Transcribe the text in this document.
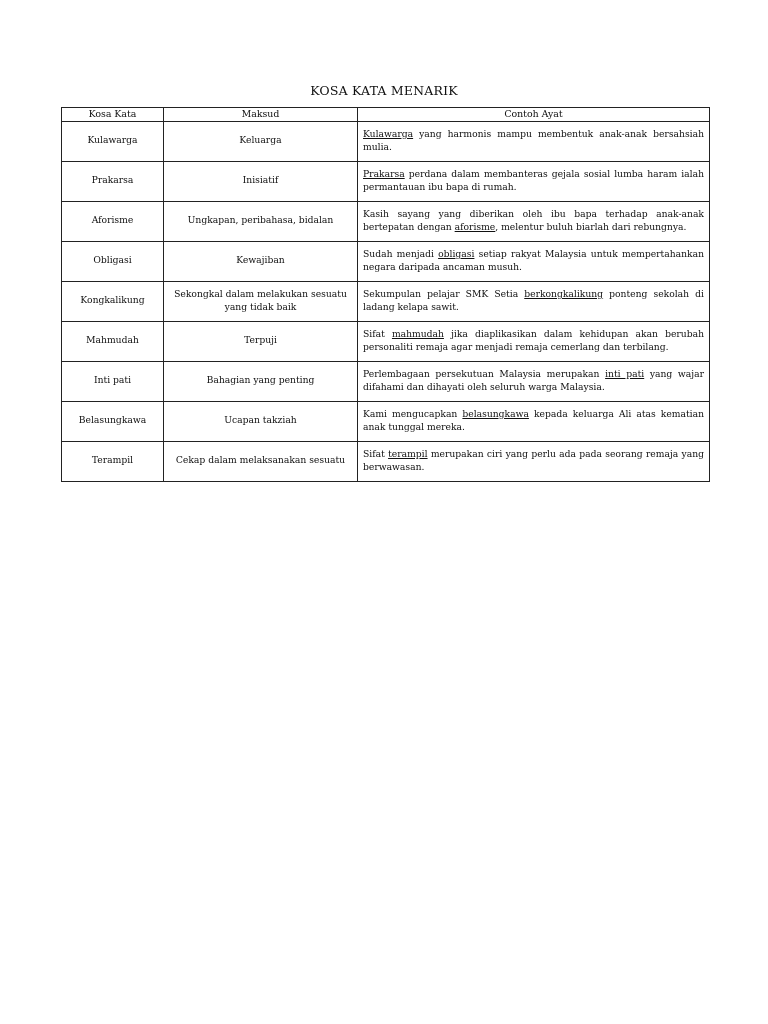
KOSA KATA MENARIK
Kosa Kata	Maksud	Contoh Ayat
Kulawarga	Keluarga	Kulawarga yang harmonis mampu membentuk anak-anak bersahsiah mulia.
Prakarsa	Inisiatif	Prakarsa perdana dalam membanteras gejala sosial lumba haram ialah permantauan ibu bapa di rumah.
Aforisme	Ungkapan, peribahasa, bidalan	Kasih sayang yang diberikan oleh ibu bapa terhadap anak-anak bertepatan dengan aforisme, melentur buluh biarlah dari rebungnya.
Obligasi	Kewajiban	Sudah menjadi obligasi setiap rakyat Malaysia untuk mempertahankan negara daripada ancaman musuh.
Kongkalikung	Sekongkal dalam melakukan sesuatu yang tidak baik	Sekumpulan pelajar SMK Setia berkongkalikung ponteng sekolah di ladang kelapa sawit.
Mahmudah	Terpuji	Sifat mahmudah jika diaplikasikan dalam kehidupan akan berubah personaliti remaja agar menjadi remaja cemerlang dan terbilang.
Inti pati	Bahagian yang penting	Perlembagaan persekutuan Malaysia merupakan inti pati yang wajar difahami dan dihayati oleh seluruh warga Malaysia.
Belasungkawa	Ucapan takziah	Kami mengucapkan belasungkawa kepada keluarga Ali atas kematian anak tunggal mereka.
Terampil	Cekap dalam melaksanakan sesuatu	Sifat terampil merupakan ciri yang perlu ada pada seorang remaja yang berwawasan.
